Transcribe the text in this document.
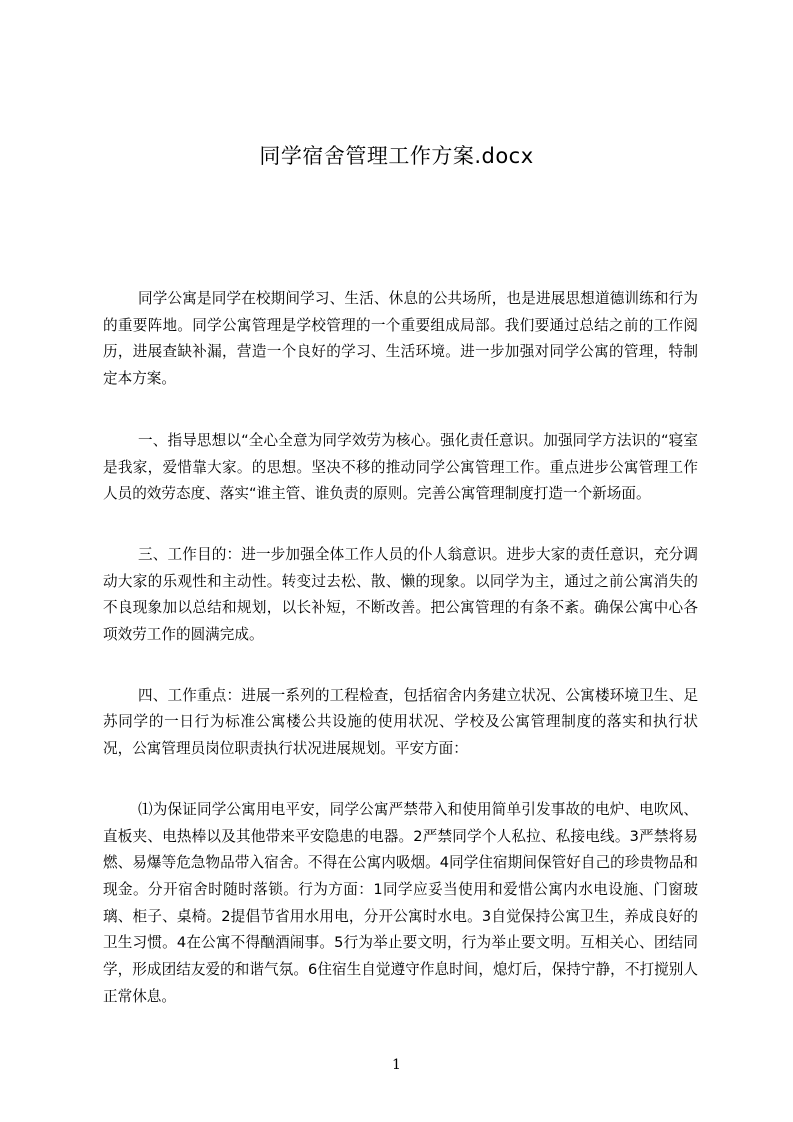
同学宿舍管理工作方案.docx

同学公寓是同学在校期间学习、生活、休息的公共场所，也是进展思想道德训练和行为的重要阵地。同学公寓管理是学校管理的一个重要组成局部。我们要通过总结之前的工作阅历，进展查缺补漏，营造一个良好的学习、生活环境。进一步加强对同学公寓的管理，特制定本方案。

一、指导思想以“全心全意为同学效劳为核心。强化责任意识。加强同学方法识的“寝室是我家，爱惜靠大家。的思想。坚决不移的推动同学公寓管理工作。重点进步公寓管理工作人员的效劳态度、落实“谁主管、谁负责的原则。完善公寓管理制度打造一个新场面。

三、工作目的：进一步加强全体工作人员的仆人翁意识。进步大家的责任意识，充分调动大家的乐观性和主动性。转变过去松、散、懒的现象。以同学为主，通过之前公寓消失的不良现象加以总结和规划，以长补短，不断改善。把公寓管理的有条不紊。确保公寓中心各项效劳工作的圆满完成。

四、工作重点：进展一系列的工程检查，包括宿舍内务建立状况、公寓楼环境卫生、足苏同学的一日行为标准公寓楼公共设施的使用状况、学校及公寓管理制度的落实和执行状况，公寓管理员岗位职责执行状况进展规划。平安方面：

⑴为保证同学公寓用电平安，同学公寓严禁带入和使用简单引发事故的电炉、电吹风、直板夹、电热棒以及其他带来平安隐患的电器。2严禁同学个人私拉、私接电线。3严禁将易燃、易爆等危急物品带入宿舍。不得在公寓内吸烟。4同学住宿期间保管好自己的珍贵物品和现金。分开宿舍时随时落锁。行为方面：1同学应妥当使用和爱惜公寓内水电设施、门窗玻璃、柜子、桌椅。2提倡节省用水用电，分开公寓时水电。3自觉保持公寓卫生，养成良好的卫生习惯。4在公寓不得酗酒闹事。5行为举止要文明，行为举止要文明。互相关心、团结同学，形成团结友爱的和谐气氛。6住宿生自觉遵守作息时间，熄灯后，保持宁静，不打搅别人正常休息。

1
